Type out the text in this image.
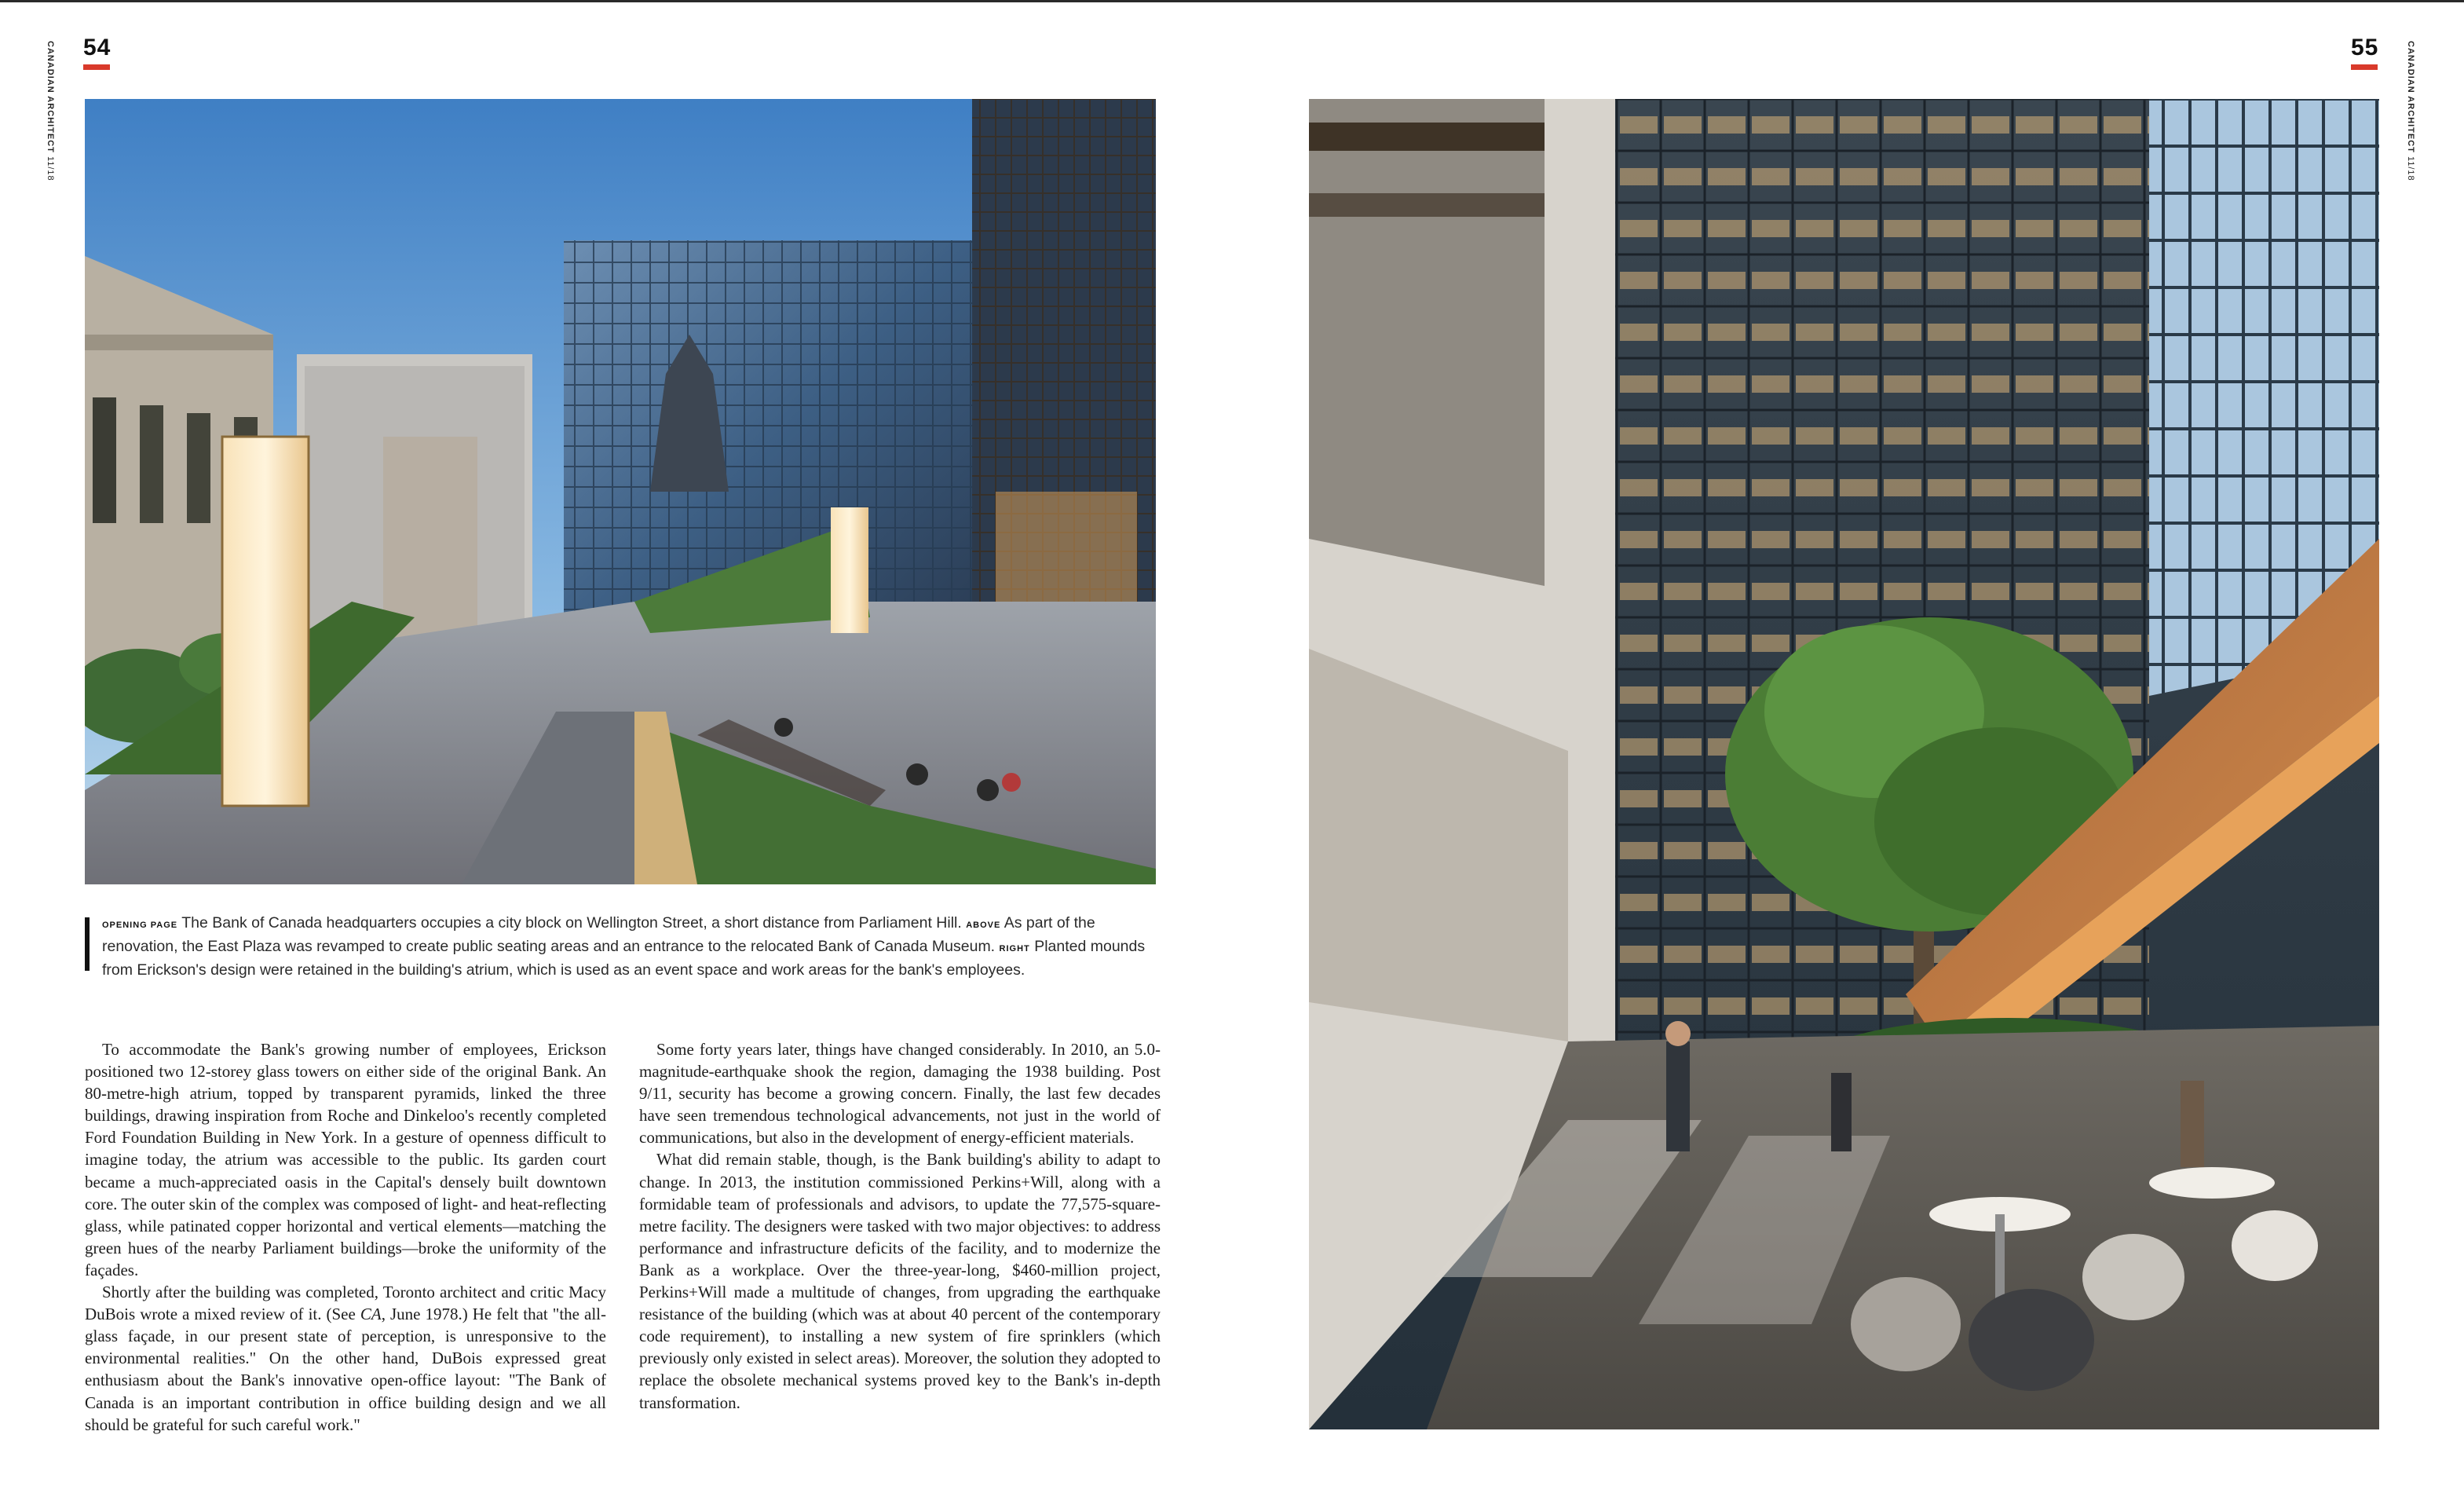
54
CANADIAN ARCHITECT 11/18
55	CANADIAN ARCHITECT 11/18
OPENING PAGE The Bank of Canada headquarters occupies a city block on Wellington Street, a short distance from Parliament Hill. ABOVE As part of the renovation, the East Plaza was revamped to create public seating areas and an entrance to the relocated Bank of Canada Museum. RIGHT Planted mounds from Erickson's design were retained in the building's atrium, which is used as an event space and work areas for the bank's employees.

To accommodate the Bank's growing number of employees, Erickson positioned two 12-storey glass towers on either side of the original Bank. An 80-metre-high atrium, topped by transparent pyramids, linked the three buildings, drawing inspiration from Roche and Dinkeloo's recently completed Ford Foundation Building in New York. In a gesture of openness difficult to imagine today, the atrium was accessible to the public. Its garden court became a much-appreciated oasis in the Capital's densely built downtown core. The outer skin of the complex was composed of light- and heat-reflecting glass, while patinated copper horizontal and vertical elements—matching the green hues of the nearby Parliament buildings—broke the uniformity of the façades.

Shortly after the building was completed, Toronto architect and critic Macy DuBois wrote a mixed review of it. (See CA, June 1978.) He felt that "the all-glass façade, in our present state of perception, is unresponsive to the environmental realities." On the other hand, DuBois expressed great enthusiasm about the Bank's innovative open-office layout: "The Bank of Canada is an important contribution in office building design and we all should be grateful for such careful work."

Some forty years later, things have changed considerably. In 2010, an 5.0-magnitude-earthquake shook the region, damaging the 1938 building. Post 9/11, security has become a growing concern. Finally, the last few decades have seen tremendous technological advancements, not just in the world of communications, but also in the development of energy-efficient materials.

What did remain stable, though, is the Bank building's ability to adapt to change. In 2013, the institution commissioned Perkins+Will, along with a formidable team of professionals and advisors, to update the 77,575-square-metre facility. The designers were tasked with two major objectives: to address performance and infrastructure deficits of the facility, and to modernize the Bank as a workplace. Over the three-year-long, $460-million project, Perkins+Will made a multitude of changes, from upgrading the earthquake resistance of the building (which was at about 40 percent of the contemporary code requirement), to installing a new system of fire sprinklers (which previously only existed in select areas). Moreover, the solution they adopted to replace the obsolete mechanical systems proved key to the Bank's in-depth transformation.
